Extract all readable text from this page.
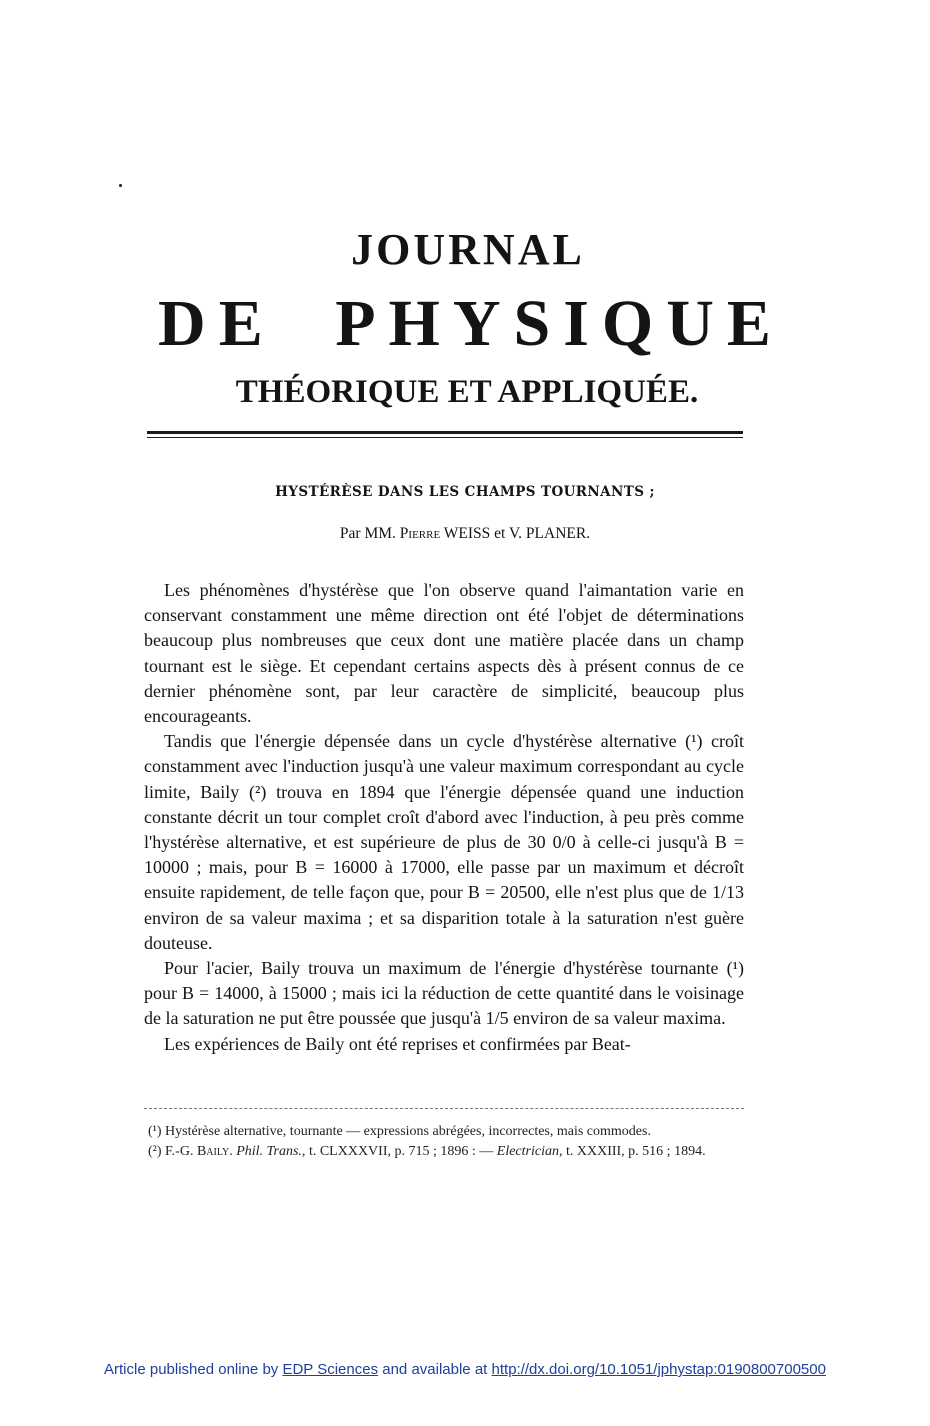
JOURNAL
DE PHYSIQUE
THÉORIQUE ET APPLIQUÉE.
HYSTÉRÈSE DANS LES CHAMPS TOURNANTS ;
Par MM. Pierre WEISS et V. PLANER.

Les phénomènes d'hystérèse que l'on observe quand l'aimantation varie en conservant constamment une même direction ont été l'objet de déterminations beaucoup plus nombreuses que ceux dont une matière placée dans un champ tournant est le siège. Et cependant certains aspects dès à présent connus de ce dernier phénomène sont, par leur caractère de simplicité, beaucoup plus encourageants.

Tandis que l'énergie dépensée dans un cycle d'hystérèse alternative (¹) croît constamment avec l'induction jusqu'à une valeur maximum correspondant au cycle limite, Baily (²) trouva en 1894 que l'énergie dépensée quand une induction constante décrit un tour complet croît d'abord avec l'induction, à peu près comme l'hystérèse alternative, et est supérieure de plus de 30 0/0 à celle-ci jusqu'à B = 10000 ; mais, pour B = 16000 à 17000, elle passe par un maximum et décroît ensuite rapidement, de telle façon que, pour B = 20500, elle n'est plus que de 1/13 environ de sa valeur maxima ; et sa disparition totale à la saturation n'est guère douteuse.

Pour l'acier, Baily trouva un maximum de l'énergie d'hystérèse tournante (¹) pour B = 14000, à 15000 ; mais ici la réduction de cette quantité dans le voisinage de la saturation ne put être poussée que jusqu'à 1/5 environ de sa valeur maxima.

Les expériences de Baily ont été reprises et confirmées par Beat-

(¹) Hystérèse alternative, tournante — expressions abrégées, incorrectes, mais commodes.

(²) F.-G. Baily. Phil. Trans., t. CLXXXVII, p. 715 ; 1896 : — Electrician, t. XXXIII, p. 516 ; 1894.

Article published online by EDP Sciences and available at http://dx.doi.org/10.1051/jphystap:0190800700500
